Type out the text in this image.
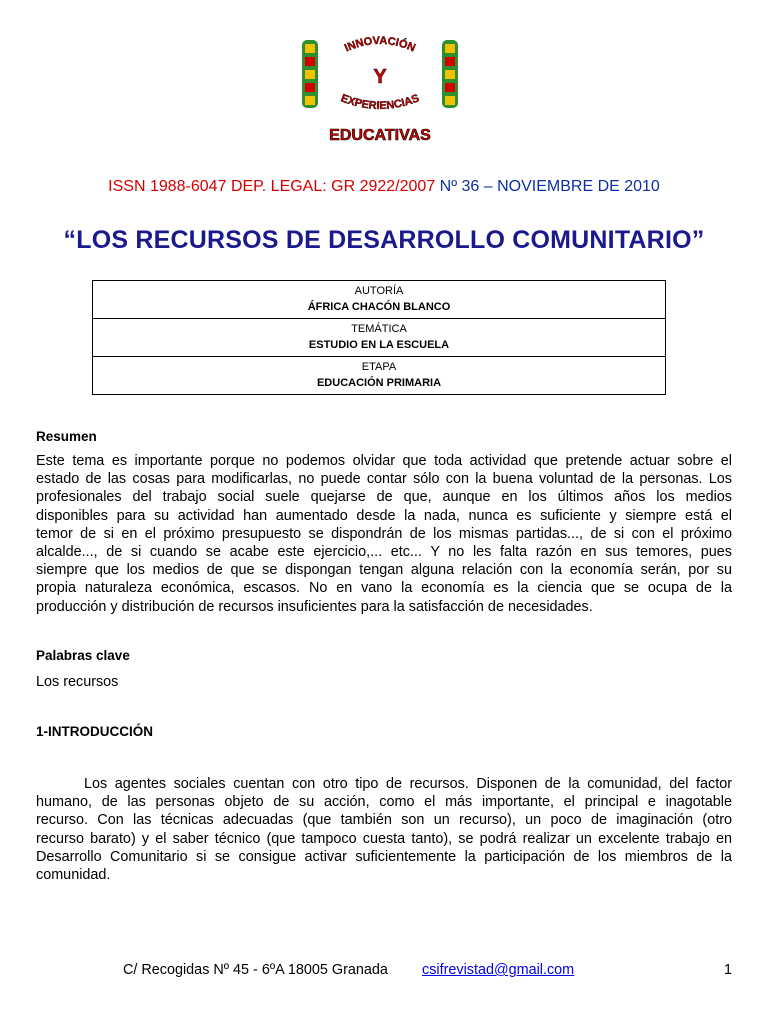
INNOVACIÓN
Y
EXPERIENCIAS
EDUCATIVAS
ISSN 1988-6047 DEP. LEGAL: GR 2922/2007 Nº 36 – NOVIEMBRE DE 2010
“LOS RECURSOS DE DESARROLLO COMUNITARIO”
AUTORÍA
ÁFRICA CHACÓN BLANCO

TEMÁTICA
ESTUDIO EN LA ESCUELA

ETAPA
EDUCACIÓN PRIMARIA
Resumen
Este tema es importante porque no podemos olvidar que toda actividad que pretende actuar sobre el
estado de las cosas para modificarlas, no puede contar sólo con la buena voluntad de la personas. Los
profesionales del trabajo social suele quejarse de que, aunque en los últimos años los medios
disponibles para su actividad han aumentado desde la nada, nunca es suficiente y siempre está el
temor de si en el próximo presupuesto se dispondrán de los mismas partidas..., de si con el próximo
alcalde..., de si cuando se acabe este ejercicio,... etc... Y no les falta razón en sus temores, pues
siempre que los medios de que se dispongan tengan alguna relación con la economía serán, por su
propia naturaleza económica, escasos. No en vano la economía es la ciencia que se ocupa de la
producción y distribución de recursos insuficientes para la satisfacción de necesidades.
Palabras clave
Los recursos
1-INTRODUCCIÓN
Los agentes sociales cuentan con otro tipo de recursos. Disponen de la comunidad, del factor
humano, de las personas objeto de su acción, como el más importante, el principal e inagotable
recurso. Con las técnicas adecuadas (que también son un recurso), un poco de imaginación (otro
recurso barato) y el saber técnico (que tampoco cuesta tanto), se podrá realizar un excelente trabajo en
Desarrollo Comunitario si se consigue activar suficientemente la participación de los miembros de la
comunidad.
C/ Recogidas Nº 45 - 6ºA 18005 Granada csifrevistad@gmail.com	1
